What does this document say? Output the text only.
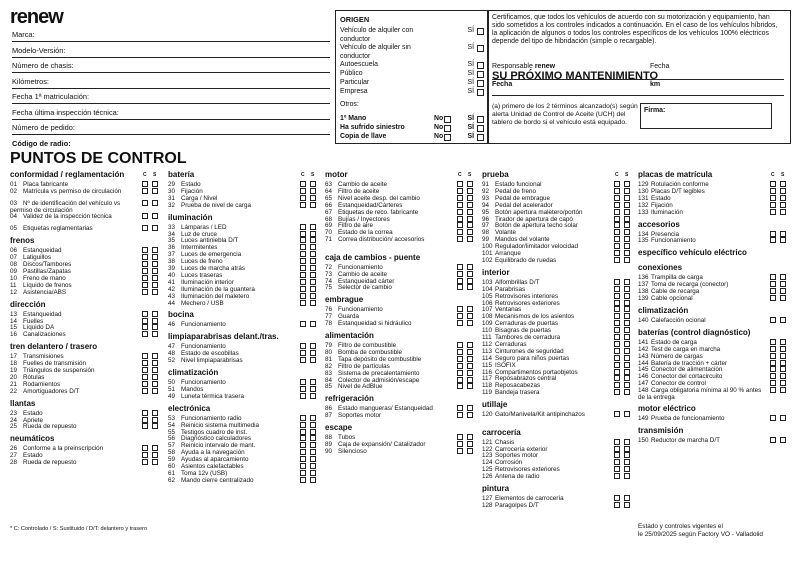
renew
Marca:
Modelo-Versión:
Número de chasis:
Kilómetros:
Fecha 1ª matriculación:
Fecha última inspección técnica:
Número de pedido:
Código de radio:
ORIGEN
Vehículo de alquiler con conductor
SÍ
Vehículo de alquiler sin conductor
SÍ
Autoescuela	SÍ
Público	SÍ
Particular	SÍ
Empresa	SÍ
Otros:
1º Mano	No	SÍ
Ha sufrido siniestro	No	SÍ
Copia de llave	No	SÍ
Certificamos, que todos los vehículos de acuerdo con su motorización y equipamiento, han sido sometidos a los controles indicados a continuación. En el caso de los vehículos híbridos, la aplicación de algunos o todos los controles específicos de los vehículos 100% eléctricos depende del tipo de hibridación (simple o recargable).
Responsable renew	Fecha
SU PRÓXIMO MANTENIMIENTO
Fecha	km
(a) primero de los 2 términos alcanzado(s) según alerta Unidad de Control de Aceite (UCH) del tablero de bordo si el vehículo está equipado.
Firma:
PUNTOS DE CONTROL
conformidad / reglamentación	C S
01 Placa fabricante
02 Matrícula vs permiso de circulación
03 Nº de identificación del vehículo vs permiso de circulación
04 Validez de la inspección técnica
05 Etiquetas reglamentarias
frenos
06 Estanqueidad
07 Latiguillos
08 Discos/Tambores
09 Pastillas/Zapatas
10 Freno de mano
11 Líquido de frenos
12 Asistencia/ABS
dirección
13 Estanqueidad
14 Fuelles
15 Líquido DA
16 Canalizaciones
tren delantero / trasero
17 Transmisiones
18 Fuelles de transmisión
19 Triángulos de suspensión
20 Rótulas
21 Rodamientos
22 Amortiguadores D/T
llantas
23 Estado
24 Apriete
25 Rueda de repuesto
neumáticos
26 Conforme a la preinscripción
27 Estado
28 Rueda de repuesto
batería	C S
29 Estado
30 Fijación
31 Carga / Nivel
32 Prueba de nivel de carga
iluminación
33 Lámparas / LED
34 Luz de cruce
35 Luces antiniebla D/T
36 Intermitentes
37 Luces de emergencia
38 Luces de freno
39 Luces de marcha atrás
40 Luces traseras
41 Iluminación interior
42 Iluminación de la guantera
43 Iluminación del maletero
44 Mechero / USB
bocina
46 Funcionamiento
limpiaparabrisas delant./tras.
47 Funcionamiento
48 Estado de escobillas
52 Nivel limpiaparabrisas
climatización
50 Funcionamiento
51 Mandos
49 Luneta térmica trasera
electrónica
53 Funcionamiento radio
54 Reinicio sistema multimedia
55 Testigos cuadro de inst.
56 Diagnóstico calculadores
57 Reinicio intervalo de mant.
58 Ayuda a la navegación
59 Ayudas al aparcamiento
60 Asientos calefactables
61 Toma 12v (USB)
62 Mando cierre centralizado
motor	C S
63 Cambio de aceite
64 Filtro de aceite
65 Nivel aceite desp. del cambio
66 Estanqueidad/Cárteres
67 Etiquetas de reco. fabricante
68 Bujías / Inyectores
69 Filtro de aire
70 Estado de la correa
71 Correa distribución/ accesorios
caja de cambios - puente
72 Funcionamiento
73 Cambio de aceite
74 Estanqueidad cárter
75 Selector de cambio
embrague
76 Funcionamiento
77 Guarda
78 Estanqueidad si hidráulico
alimentación
79 Filtro de combustible
80 Bomba de combustible
81 Tapa depósito de combustible
82 Filtro de partículas
83 Sistema de precalentamiento
84 Colector de admisión/escape
85 Nivel de AdBlue
refrigeración
86 Estado mangueras/ Estanqueidad
87 Soportes motor
escape
88 Tubos
89 Caja de expansión/ Catalizador
90 Silencioso
prueba	C S
91 Estado funcional
92 Pedal de freno
93 Pedal de embrague
94 Pedal del acelerador
95 Botón apertura maletero/portón
96 Tirador de apertura de capó
97 Botón de apertura techo solar
98 Volante
99 Mandos del volante
100 Regulador/limitador velocidad
101 Arranque
102 Equilibrado de ruedas
interior
103 Alfombrillas D/T
104 Parabrisas
105 Retrovisores interiores
106 Retrovisores exteriores
107 Ventanas
108 Mecanismos de los asientos
109 Cerraduras de puertas
110 Bisagras de puertas
111 Tambores de cerradura
112 Cerraduras
113 Cinturones de seguridad
114 Seguro para niños puertas
115 ISOFIX
116 Compartimentos portaobjetos
117 Reposabrazos central
118 Reposacabezas
119 Bandeja trasera
utillaje
120 Gato/Manivela/Kit antipinchazos
carrocería
121 Chasis
122 Carrocería exterior
123 Soportes motor
124 Corrosión
125 Retrovisores exteriores
126 Antena de radio
pintura
127 Elementos de carrocería
128 Paragolpes D/T
placas de matrícula	C S
129 Rotulación conforme
130 Placas D/T legibles
131 Estado
132 Fijación
133 Iluminación
accesorios
134 Presencia
135 Funcionamiento
específico vehículo eléctrico
conexiones
136 Trampilla de carga
137 Toma de recarga (conector)
138 Cable de recarga
139 Cable opcional
climatización
140 Calefacción ocional
baterías (control diagnóstico)
141 Estado de carga
142 Test de carga en marcha
143 Número de cargas
144 Batería de tracción + cárter
145 Conector de alimentación
146 Conector del cortacircuito
147 Conector de control
148 Carga obligatoria mínima al 90 % antes de la entrega
motor eléctrico
149 Prueba de funcionamiento
transmisión
150 Reductor de marcha D/T
* C: Controlado / S: Sustituido / D/T: delantero y trasero	Estado y controles vigentes el
le 25/09/2025 según Factory VO - Valladolid
